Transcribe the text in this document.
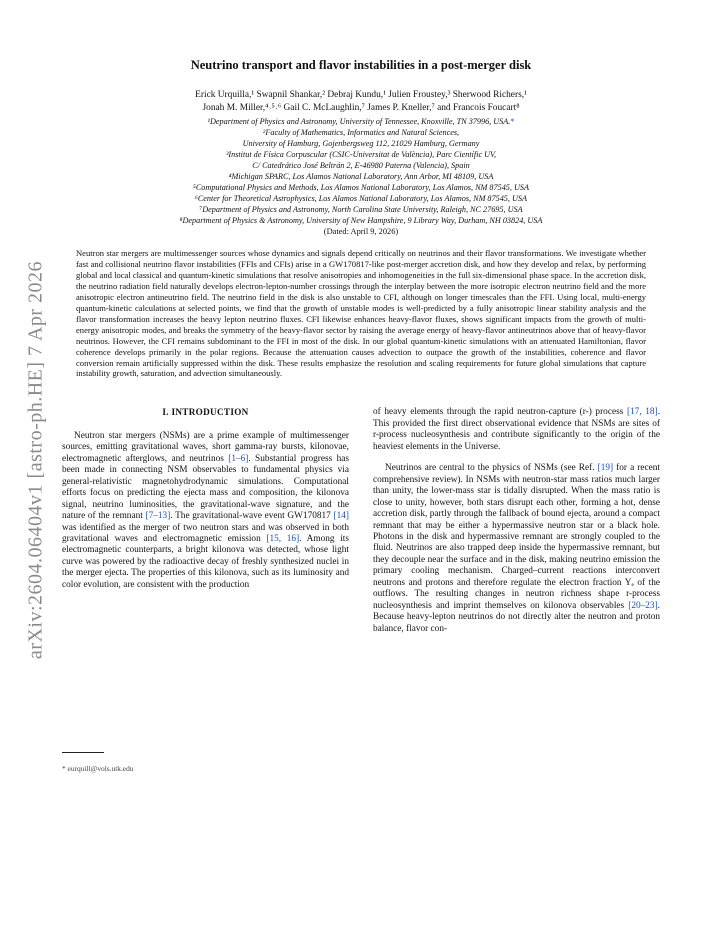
arXiv:2604.06404v1 [astro-ph.HE] 7 Apr 2026
Neutrino transport and flavor instabilities in a post-merger disk
Erick Urquilla,¹ Swapnil Shankar,² Debraj Kundu,¹ Julien Froustey,³ Sherwood Richers,¹
Jonah M. Miller,⁴˒⁵˒⁶ Gail C. McLaughlin,⁷ James P. Kneller,⁷ and Francois Foucart⁸
¹Department of Physics and Astronomy, University of Tennessee, Knoxville, TN 37996, USA.*
²Faculty of Mathematics, Informatics and Natural Sciences,
University of Hamburg, Gojenbergsweg 112, 21029 Hamburg, Germany
³Institut de Física Corpuscular (CSIC-Universitat de València), Parc Científic UV,
C/ Catedrático José Beltrán 2, E-46980 Paterna (Valencia), Spain
⁴Michigan SPARC, Los Alamos National Laboratory, Ann Arbor, MI 48109, USA
⁵Computational Physics and Methods, Los Alamos National Laboratory, Los Alamos, NM 87545, USA
⁶Center for Theoretical Astrophysics, Los Alamos National Laboratory, Los Alamos, NM 87545, USA
⁷Department of Physics and Astronomy, North Carolina State University, Raleigh, NC 27695, USA
⁸Department of Physics & Astronomy, University of New Hampshire, 9 Library Way, Durham, NH 03824, USA
(Dated: April 9, 2026)
Neutron star mergers are multimessenger sources whose dynamics and signals depend critically on neutrinos and their flavor transformations. We investigate whether fast and collisional neutrino flavor instabilities (FFIs and CFIs) arise in a GW170817-like post-merger accretion disk, and how they develop and relax, by performing global and local classical and quantum-kinetic simulations that resolve anisotropies and inhomogeneities in the full six-dimensional phase space. In the accretion disk, the neutrino radiation field naturally develops electron-lepton-number crossings through the interplay between the more isotropic electron neutrino field and the more anisotropic electron antineutrino field. The neutrino field in the disk is also unstable to CFI, although on longer timescales than the FFI. Using local, multi-energy quantum-kinetic calculations at selected points, we find that the growth of unstable modes is well-predicted by a fully anisotropic linear stability analysis and the flavor transformation increases the heavy lepton neutrino fluxes. CFI likewise enhances heavy-flavor fluxes, shows significant impacts from the growth of multi-energy anisotropic modes, and breaks the symmetry of the heavy-flavor sector by raising the average energy of heavy-flavor antineutrinos above that of heavy-flavor neutrinos. However, the CFI remains subdominant to the FFI in most of the disk. In our global quantum-kinetic simulations with an attenuated Hamiltonian, flavor coherence develops primarily in the polar regions. Because the attenuation causes advection to outpace the growth of the instabilities, coherence and flavor conversion remain artificially suppressed within the disk. These results emphasize the resolution and scaling requirements for future global simulations that capture instability growth, saturation, and advection simultaneously.
I. INTRODUCTION
Neutron star mergers (NSMs) are a prime example of multimessenger sources, emitting gravitational waves, short gamma-ray bursts, kilonovae, electromagnetic afterglows, and neutrinos [1–6]. Substantial progress has been made in connecting NSM observables to fundamental physics via general-relativistic magnetohydrodynamic simulations. Computational efforts focus on predicting the ejecta mass and composition, the kilonova signal, neutrino luminosities, the gravitational-wave signature, and the nature of the remnant [7–13]. The gravitational-wave event GW170817 [14] was identified as the merger of two neutron stars and was observed in both gravitational waves and electromagnetic emission [15, 16]. Among its electromagnetic counterparts, a bright kilonova was detected, whose light curve was powered by the radioactive decay of freshly synthesized nuclei in the merger ejecta. The properties of this kilonova, such as its luminosity and color evolution, are consistent with the production
* eurquill@vols.utk.edu
of heavy elements through the rapid neutron-capture (r-) process [17, 18]. This provided the first direct observational evidence that NSMs are sites of r-process nucleosynthesis and contribute significantly to the origin of the heaviest elements in the Universe.
Neutrinos are central to the physics of NSMs (see Ref. [19] for a recent comprehensive review). In NSMs with neutron-star mass ratios much larger than unity, the lower-mass star is tidally disrupted. When the mass ratio is close to unity, however, both stars disrupt each other, forming a hot, dense accretion disk, partly through the fallback of bound ejecta, around a compact remnant that may be either a hypermassive neutron star or a black hole. Photons in the disk and hypermassive remnant are strongly coupled to the fluid. Neutrinos are also trapped deep inside the hypermassive remnant, but they decouple near the surface and in the disk, making neutrino emission the primary cooling mechanism. Charged–current reactions interconvert neutrons and protons and therefore regulate the electron fraction Yₑ of the outflows. The resulting changes in neutron richness shape r-process nucleosynthesis and imprint themselves on kilonova observables [20–23]. Because heavy-lepton neutrinos do not directly alter the neutron and proton balance, flavor con-
